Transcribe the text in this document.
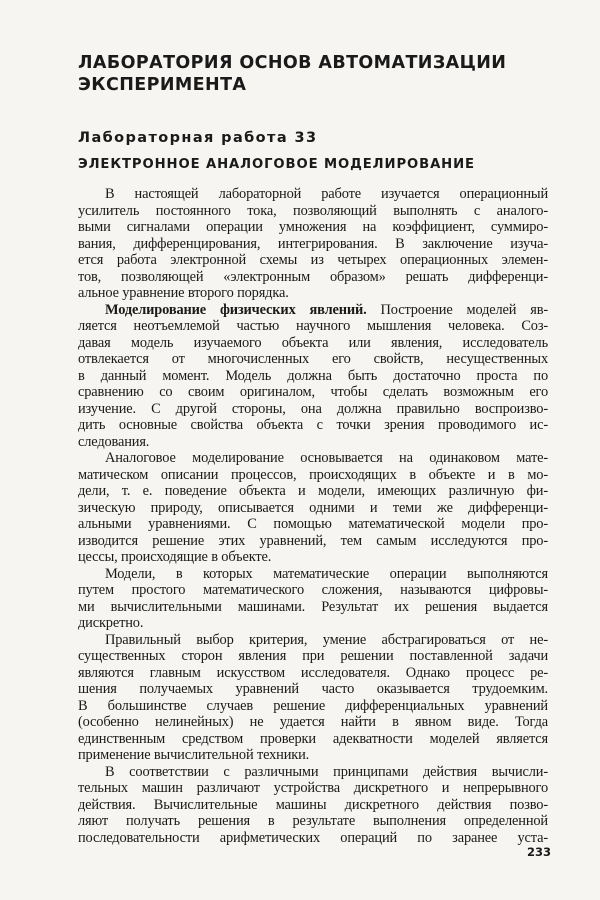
ЛАБОРАТОРИЯ ОСНОВ АВТОМАТИЗАЦИИ
ЭКСПЕРИМЕНТА
Лабораторная работа 33
ЭЛЕКТРОННОЕ АНАЛОГОВОЕ МОДЕЛИРОВАНИЕ
В настоящей лабораторной работе изучается операционный
усилитель постоянного тока, позволяющий выполнять с аналого-
выми сигналами операции умножения на коэффициент, суммиро-
вания, дифференцирования, интегрирования. В заключение изуча-
ется работа электронной схемы из четырех операционных элемен-
тов, позволяющей «электронным образом» решать дифференци-
альное уравнение второго порядка.
Моделирование физических явлений. Построение моделей яв-
ляется неотъемлемой частью научного мышления человека. Соз-
давая модель изучаемого объекта или явления, исследователь
отвлекается от многочисленных его свойств, несущественных
в данный момент. Модель должна быть достаточно проста по
сравнению со своим оригиналом, чтобы сделать возможным его
изучение. С другой стороны, она должна правильно воспроизво-
дить основные свойства объекта с точки зрения проводимого ис-
следования.
Аналоговое моделирование основывается на одинаковом мате-
матическом описании процессов, происходящих в объекте и в мо-
дели, т. е. поведение объекта и модели, имеющих различную фи-
зическую природу, описывается одними и теми же дифференци-
альными уравнениями. С помощью математической модели про-
изводится решение этих уравнений, тем самым исследуются про-
цессы, происходящие в объекте.
Модели, в которых математические операции выполняются
путем простого математического сложения, называются цифровы-
ми вычислительными машинами. Результат их решения выдается
дискретно.
Правильный выбор критерия, умение абстрагироваться от не-
существенных сторон явления при решении поставленной задачи
являются главным искусством исследователя. Однако процесс ре-
шения получаемых уравнений часто оказывается трудоемким.
В большинстве случаев решение дифференциальных уравнений
(особенно нелинейных) не удается найти в явном виде. Тогда
единственным средством проверки адекватности моделей является
применение вычислительной техники.
В соответствии с различными принципами действия вычисли-
тельных машин различают устройства дискретного и непрерывного
действия. Вычислительные машины дискретного действия позво-
ляют получать решения в результате выполнения определенной
последовательности арифметических операций по заранее уста-
233
